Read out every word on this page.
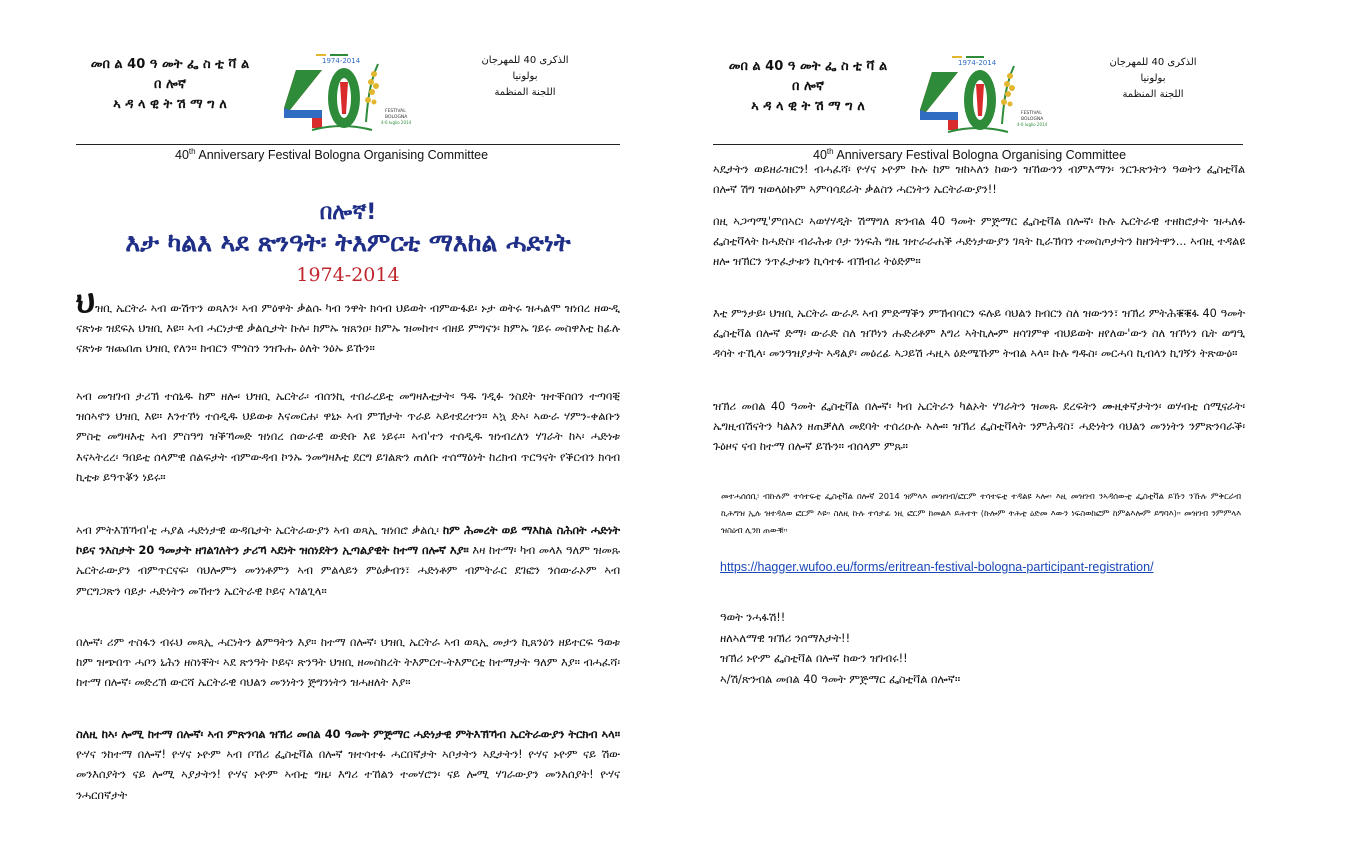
መበ ል 40 ዓ መት ፌ ስ ቲ ቫ ል
በ ሎኛ
ኣ ዳ ላ ዊ ት ሽ ማ ግ ለ
1974-2014
FESTIVAL
BOLOGNA
4-6 luglio 2014
الذكرى 40 للمهرجان
بولونيا
اللجنة المنظمة
40th Anniversary Festival Bologna Organising Committee
በሎኛ!
እታ ካልእ ኣደ ጽንዓት፡ ትእምርቲ ማእከል ሓድነት
1974-2014
ህዝቢ ኤርትራ ኣብ ውሽጥን ወጻእን፡ ኣብ ምዕዋት ቃልሱ ካብ ንዋት ክሳብ ህይወት ብምውፋይ፡ ኑታ ወትሩ ዝሓልሞ ዝነበረ ዘውዲ ናጽነቱ ዝደፍአ ህዝቢ እዩ። ኣብ ሓርነታዊ ቃልሲታት ኩሉ፡ ክምኡ ዝጸንዐ፡ ክምኡ ዝመከተ፡ ብዘይ ምግናን፡ ክምኡ ገይሩ መስዋእቲ ከፊሉ ናጽነቱ ዝጨበጠ ህዝቢ የለን። ክብርን ሞጎስን ንዝጉሑ ዕለት ንዕኡ ይኹን።
ኣብ መዝገብ ታሪኽ ተሰኒዱ ከም ዘሎ፡ ህዝቢ ኤርትራ፡ ብሰንኪ ተበራረይቲ መግዛእቲታት፡ ዓዱ ገዲፉ ንስደት ዝተቐሰበን ተጣባቒ ዝሰኣኖን ህዝቢ እዩ። እንተኾነ ተሰዲዱ ህይወቱ እናመርሐ፡ ዋኒኑ ኣብ ምኽታት ጥራይ ኣይተደረተን። ኣኳ ድኣ፡ ኣውራ ሃምን-ቀልቡን ምስቲ መግዛእቲ ኣብ ምስዓግ ዝቕኻመድ ዝነበረ ሰውራዊ ውድቡ እዩ ነይሩ። ኣብ'ተን ተሰዲዱ ዝነብረለን ሃገራት ከኣ፡ ሓድነቱ እናኣትረረ፡ ዓበይቲ ሰላምዊ ሰልፍታት ብምውዳብ ኮንኡ ንመግዛእቲ ደርግ ይገልጽን ጠለቡ ተሰማዕነት ከረክብ ጥርዓናት የቕርብን ክሳብ ኪቲቱ ይዓጥቖን ነይሩ።
ኣብ ምትእኽኻብ'ቲ ሓያል ሓድነታዊ ውዳቤታት ኤርትራውያን ኣብ ወጻኢ ዝነበሮ ቃልሲ፡ ከም ሕመረት ወይ ማእከል ስሕበት ሓድነት ኮይና ንእስታት 20 ዓመታት ዘገልገለትን ታሪኻ ኣደነት ዝሰነደትን ኢጣልያዊት ከተማ በሎኛ እያ። እዛ ከተማ፡ ካብ መላእ ዓለም ዝመጹ ኤርትራውያን ብምጥርናፍ፡ ባህሎምን መንነቶምን ኣብ ምልላይን ምዕቃብን፣ ሓድነቶም ብምትራር ደገፎን ንሰውራኦም ኣብ ምርግጋጽን ባይታ ሓድነትን መኸተን ኤርትራዊ ኮይና ኣገልጊላ።
በሎኛ፡ ሪም ተስፋን ብሩህ መጻኢ ሓርነትን ልምዓትን እያ። ከተማ በሎኛ፡ ህዝቢ ኤርትራ ኣብ ወጻኢ መታን ኪጸንዕን ዘይተርፍ ዓወቱ ከም ዝጭበጥ ሓቦን ኒሕን ዘስነቐት፡ ኣደ ጽንዓት ኮይና፡ ጽንዓት ህዝቢ ዘመስከረት ትእምርተ-ትእምርቲ ከተማታት ዓለም እያ። ብሓፈሻ፡ ከተማ በሎኛ፡ መድረኽ ውርሻ ኤርትራዊ ባህልን መንነትን ጅግንነትን ዝሓዘለት እያ።
ስለዚ ከኣ፡ ሎሚ ከተማ በሎኛ፡ ኣብ ምጽንባል ዝኽሪ መበል 40 ዓመት ምጅማር ሓድነታዊ ምትእኽኻብ ኤርትራውያን ትርክብ ኣላ። ዮሃና ንከተማ በሎኛ! ዮሃና ኑዮም ኣብ ቦኸሪ ፌስቲቫል በሎኛ ዝተሳተፉ ሓርበኛታት ኣቦታትን ኣዴታትን! ዮሃና ኑዮም ናይ ሽው መንእሰያትን ናይ ሎሚ ኣያታትን! ዮሃና ኑዮም ኣብቲ ግዜ፡ እግሪ ተኸልን ተመሃሮን፡ ናይ ሎሚ ሃገራውያን መንእሰያት! ዮሃና ንሓርበኛታት
መበ ል 40 ዓ መት ፌ ስ ቲ ቫ ል
በ ሎኛ
ኣ ዳ ላ ዊ ት ሽ ማ ግ ለ
1974-2014
FESTIVAL
BOLOGNA
4-6 luglio 2014
الذكرى 40 للمهرجان
بولونيا
اللجنة المنظمة
40th Anniversary Festival Bologna Organising Committee
ኣዴታትን ወይዘራዝርን! ብሓፈሻ፡ ዮሃና ኑዮም ኩሉ ከም ዝከኣለን ከውን ዝኸውንን ብምእማን፡ ንርጉጽንትን ዓወትን ፌስቲቫል በሎኛ ሽግ ዝወላዕኩም ኣምባሳደራት ቃልስን ሓርነትን ኤርትራውያን!!
በዚ ኣጋጣሚ'ምበኣር፡ ኣወሃሃዲት ሽማግለ ጽንብል 40 ዓመት ምጅማር ፌስቲቫል በሎኛ፡ ኩሉ ኤርትራዊ ተዘከሮታት ዝሓለፉ ፌስቲቫላት ከሓድስ፡ ብራሕቱ ቦታ ንነፍሕ ግዜ ዝተራራሐቕ ሓድነታውያን ገጻት ኪራኽባን ተመስጦታትን ከዘንትዋን... ኣብዚ ተዳልዩ ዘሎ ዝኽርን ንጥፈታቱን ኪሳተፉ ብኽብሪ ትዕድም።
እቲ ምንታይ፡ ህዝቢ ኤርትራ ውራዶ ኣብ ምድማቕን ምኽብባርን ፍሉይ ባህልን ክብርን ስለ ዝውንን፣ ዝኽሪ ምትሕቑቑፋ 40 ዓመት ፌስቲቫል በሎኛ ድማ፡ ውራድ ስለ ዝኾነን ሑድሪቶም እግሪ ኣትኪሎም ዘሳገምዋ ብህይወት ዘየለው'ውን ስለ ዝኾነን ቤት ወግዒ ዳሳት ተኺላ፡ መንዓዝያታት ኣዳልያ፡ መዕረፊ ኣጋይሽ ሓዚኣ ዕድሜኹም ትብል ኣላ። ኩሉ ግዱስ፡ መርሓባ ኪብላን ኪገኝን ትጽውዕ።
ዝኽሪ መበል 40 ዓመት ፌስቲቫል በሎኛ፡ ካብ ኤርትራን ካልኦት ሃገራትን ዝመጹ ደረፍትን ሙዚቀኛታትን፡ ወሃብቲ ሰሚናራት፡ ኤግዚብሽናትን ካልእን ዘጠቓለለ መደባት ተሰሪዑሉ ኣሎ። ዝኽሪ ፌስቲቫላት ንምሕዳስ፣ ሓድነትን ባህልን መንነትን ንምጽንባራቕ፡ ጉዕዞና ናብ ከተማ በሎኛ ይኹን። ብሰላም ምጹ።
መተሓሰሰቢ፡ ብኩሉም ተሳተፍቲ ፌስቲቫል በሎኛ 2014 ዝምላእ መዝገብ/ፎርም ተሳተፍቲ ተዳልዩ ኣሎ። እዚ መዝገብ ንኣዳሰውቲ ፌስቲቫል ይኹን ንኹሉ ምቅርራብ ኪሕግዝ ኢሉ ዝተዳለወ ፎርም እዩ። ስለዚ ኩሉ ተሳታፊ ነዚ ፎርም ከመልእ ይሕተት (ኩሎም ትሕቲ ዕድመ እውን ነፍስወከፎም ከምልእሎም ይግባእ)። መዝገብ ንምምላእ ዝስዕብ ሊንክ ጠውቑ።
https://hagger.wufoo.eu/forms/eritrean-festival-bologna-participant-registration/
ዓወት ንሓፋሽ!!
ዘለኣለማዊ ዝኽሪ ንሰማእታት!!
ዝኽሪ ኑዮም ፌስቲቫል በሎኛ ከውን ዝገብሩ!!
ኣ/ሽ/ጽንብል መበል 40 ዓመት ምጅማር ፌስቲቫል በሎኛ።
